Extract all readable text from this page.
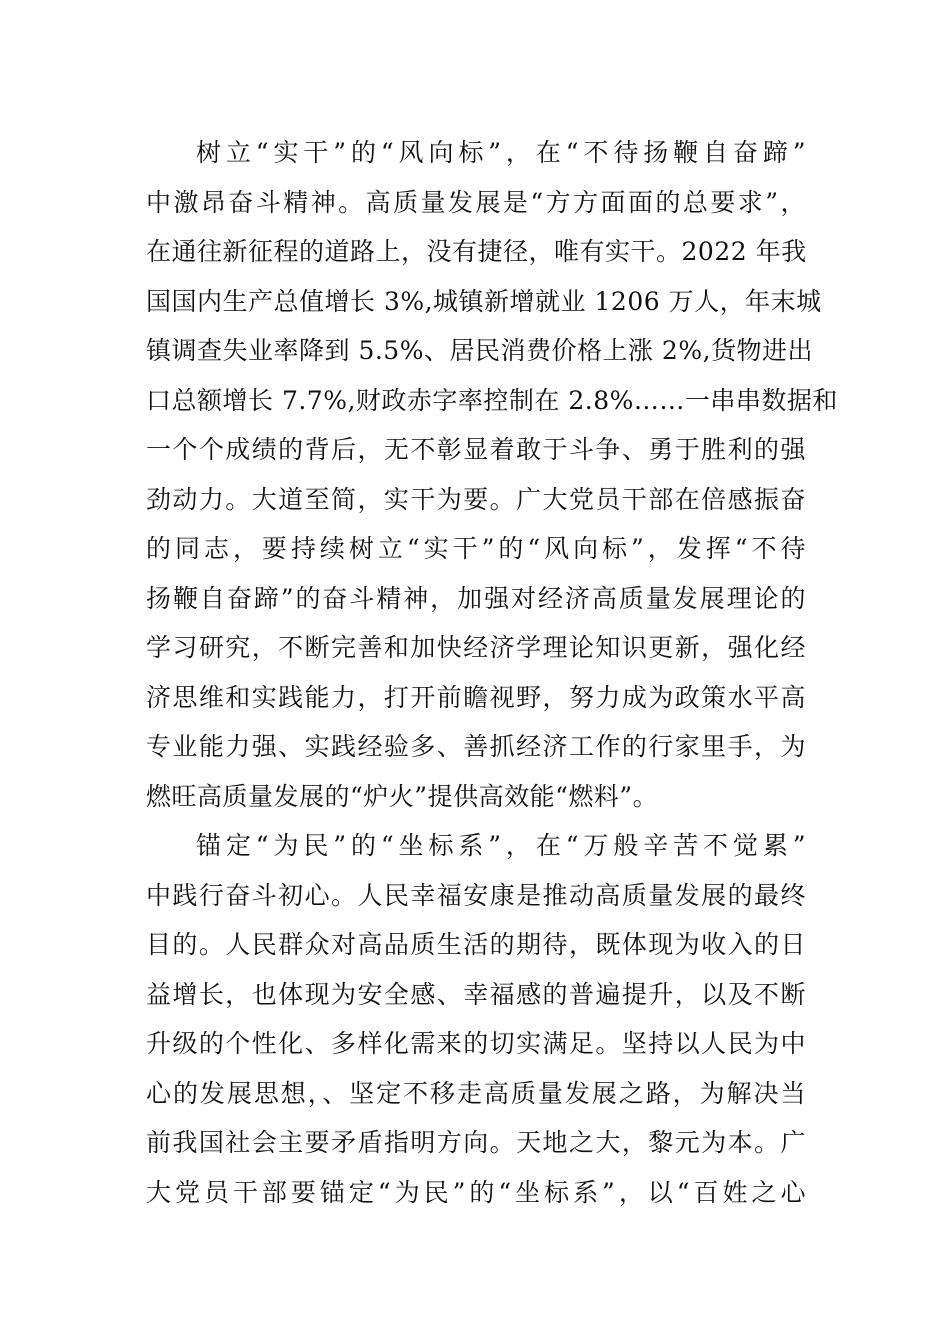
树立“实干”的“风向标”，在“不待扬鞭自奋蹄”
中激昂奋斗精神。高质量发展是“方方面面的总要求”，
在通往新征程的道路上，没有捷径，唯有实干。2022 年我
国国内生产总值增长 3%,城镇新增就业 1206 万人，年末城
镇调查失业率降到 5.5%、居民消费价格上涨 2%,货物进出
口总额增长 7.7%,财政赤字率控制在 2.8%……一串串数据和
一个个成绩的背后，无不彰显着敢于斗争、勇于胜利的强
劲动力。大道至简，实干为要。广大党员干部在倍感振奋
的同志，要持续树立“实干”的“风向标”，发挥“不待
扬鞭自奋蹄”的奋斗精神，加强对经济高质量发展理论的
学习研究，不断完善和加快经济学理论知识更新，强化经
济思维和实践能力，打开前瞻视野，努力成为政策水平高
专业能力强、实践经验多、善抓经济工作的行家里手，为
燃旺高质量发展的“炉火”提供高效能“燃料”。
锚定“为民”的“坐标系”，在“万般辛苦不觉累”
中践行奋斗初心。人民幸福安康是推动高质量发展的最终
目的。人民群众对高品质生活的期待，既体现为收入的日
益增长，也体现为安全感、幸福感的普遍提升，以及不断
升级的个性化、多样化需来的切实满足。坚持以人民为中
心的发展思想，、坚定不移走高质量发展之路，为解决当
前我国社会主要矛盾指明方向。天地之大，黎元为本。广
大党员干部要锚定“为民”的“坐标系”，以“百姓之心
